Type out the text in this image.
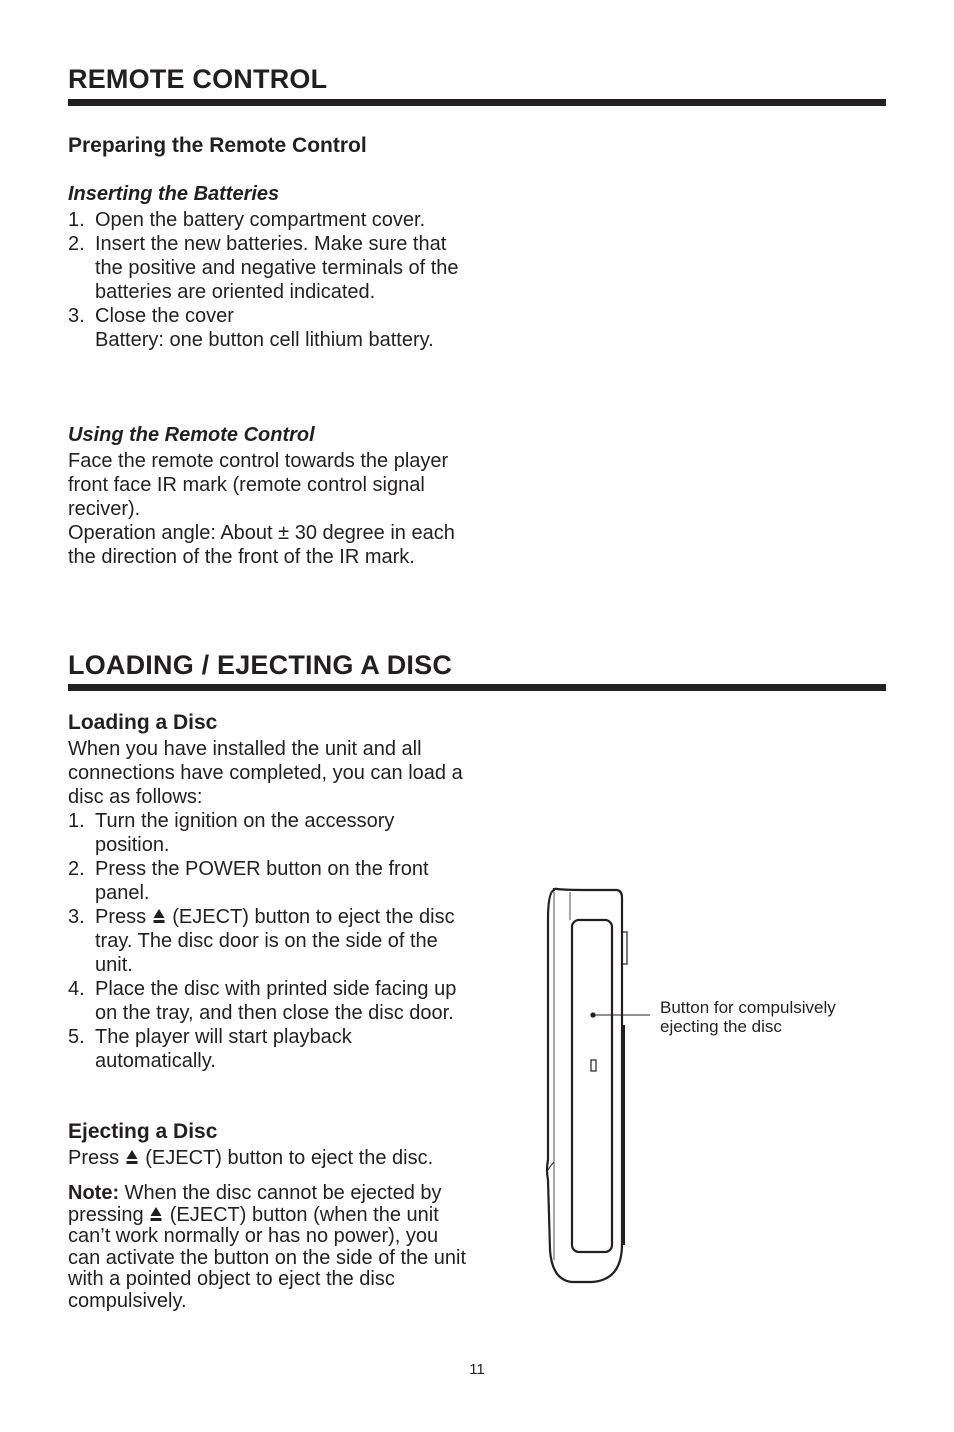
REMOTE CONTROL
Preparing the Remote Control
Inserting the Batteries
1. Open the battery compartment cover.
2. Insert the new batteries. Make sure that the positive and negative terminals of the batteries are oriented indicated.
3. Close the cover
Battery: one button cell lithium battery.
Using the Remote Control

Face the remote control towards the player front face IR mark (remote control signal reciver).

Operation angle: About ± 30 degree in each the direction of the front of the IR mark.

LOADING / EJECTING A DISC
Loading a Disc

When you have installed the unit and all connections have completed, you can load a disc as follows:

1. Turn the ignition on the accessory position.
2. Press the POWER button on the front panel.
3. Press (EJECT) button to eject the disc tray. The disc door is on the side of the unit.
4. Place the disc with printed side facing up on the tray, and then close the disc door.
5. The player will start playback automatically.
Ejecting a Disc

Press (EJECT) button to eject the disc.

Note: When the disc cannot be ejected by pressing (EJECT) button (when the unit can’t work normally or has no power), you can activate the button on the side of the unit with a pointed object to eject the disc compulsively.

Button for compulsively
ejecting the disc

11
